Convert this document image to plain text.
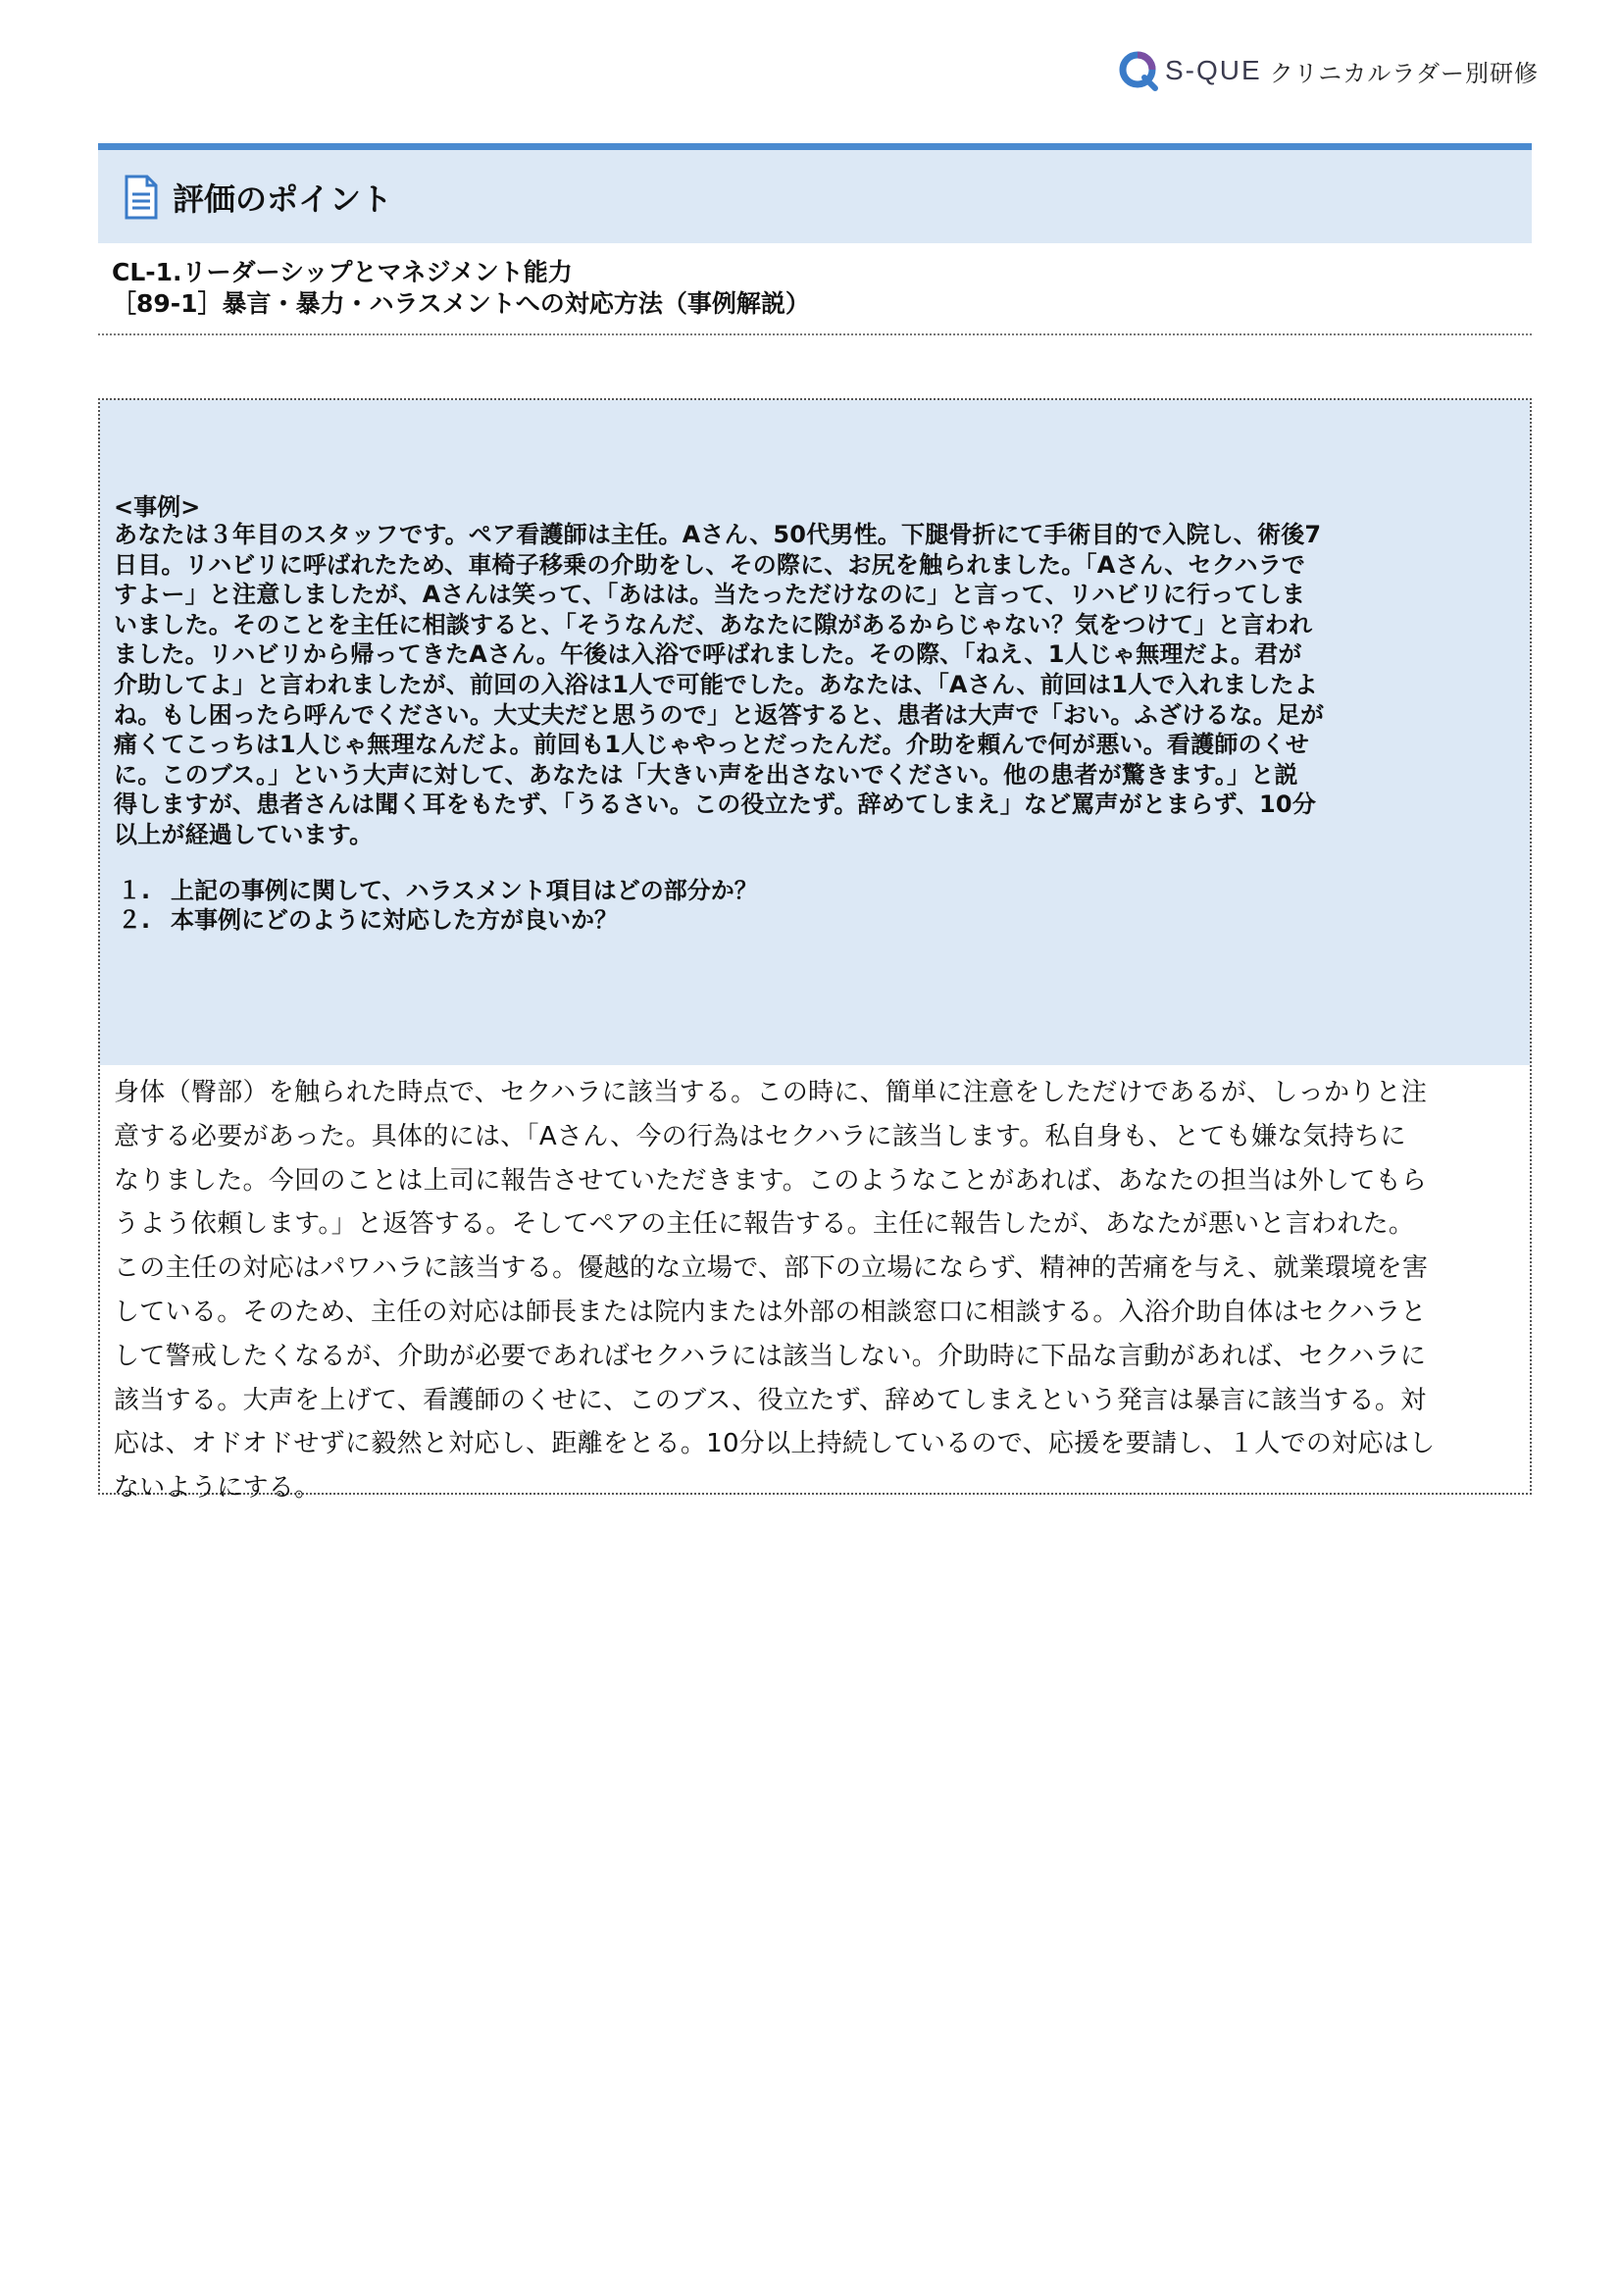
S-QUE クリニカルラダー別研修
評価のポイント
CL-1.リーダーシップとマネジメント能力
［89-1］暴言・暴力・ハラスメントへの対応方法（事例解説）
<事例>
あなたは３年目のスタッフです。ペア看護師は主任。Aさん、50代男性。下腿骨折にて手術目的で入院し、術後7
日目。リハビリに呼ばれたため、車椅子移乗の介助をし、その際に、お尻を触られました。「Aさん、セクハラで
すよー」と注意しましたが、Aさんは笑って、「あはは。当たっただけなのに」と言って、リハビリに行ってしま
いました。そのことを主任に相談すると、「そうなんだ、あなたに隙があるからじゃない？気をつけて」と言われ
ました。リハビリから帰ってきたAさん。午後は入浴で呼ばれました。その際、「ねえ、1人じゃ無理だよ。君が
介助してよ」と言われましたが、前回の入浴は1人で可能でした。あなたは、「Aさん、前回は1人で入れましたよ
ね。もし困ったら呼んでください。大丈夫だと思うので」と返答すると、患者は大声で「おい。ふざけるな。足が
痛くてこっちは1人じゃ無理なんだよ。前回も1人じゃやっとだったんだ。介助を頼んで何が悪い。看護師のくせ
に。このブス。」という大声に対して、あなたは「大きい声を出さないでください。他の患者が驚きます。」と説
得しますが、患者さんは聞く耳をもたず、「うるさい。この役立たず。辞めてしまえ」など罵声がとまらず、10分
以上が経過しています。
１. 上記の事例に関して、ハラスメント項目はどの部分か？
２. 本事例にどのように対応した方が良いか？
身体（臀部）を触られた時点で、セクハラに該当する。この時に、簡単に注意をしただけであるが、しっかりと注
意する必要があった。具体的には、「Aさん、今の行為はセクハラに該当します。私自身も、とても嫌な気持ちに
なりました。今回のことは上司に報告させていただきます。このようなことがあれば、あなたの担当は外してもら
うよう依頼します。」と返答する。そしてペアの主任に報告する。主任に報告したが、あなたが悪いと言われた。
この主任の対応はパワハラに該当する。優越的な立場で、部下の立場にならず、精神的苦痛を与え、就業環境を害
している。そのため、主任の対応は師長または院内または外部の相談窓口に相談する。入浴介助自体はセクハラと
して警戒したくなるが、介助が必要であればセクハラには該当しない。介助時に下品な言動があれば、セクハラに
該当する。大声を上げて、看護師のくせに、このブス、役立たず、辞めてしまえという発言は暴言に該当する。対
応は、オドオドせずに毅然と対応し、距離をとる。10分以上持続しているので、応援を要請し、１人での対応はし
ないようにする。
